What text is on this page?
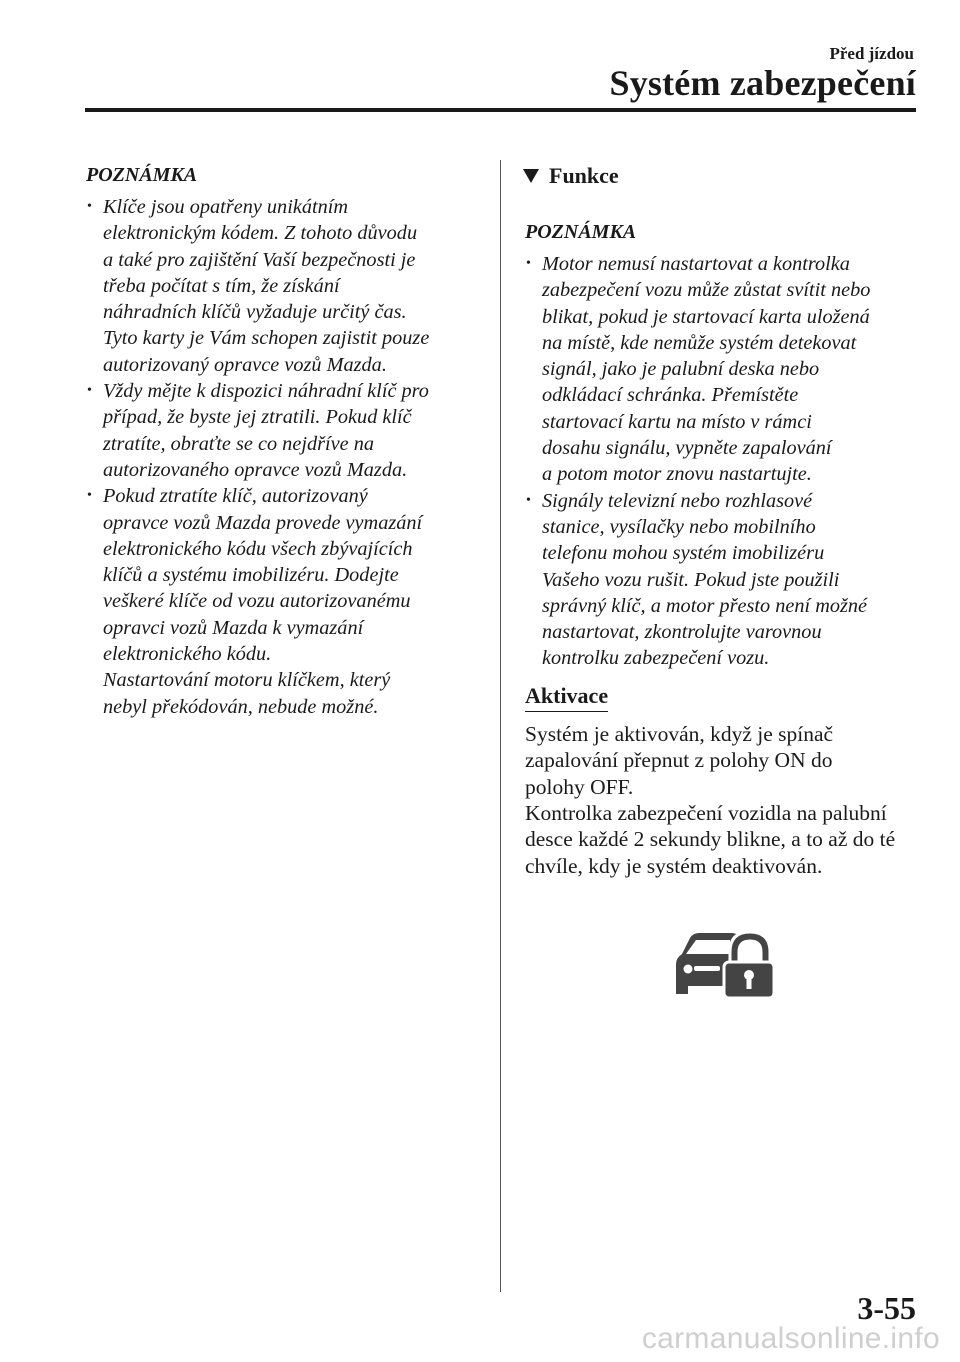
Před jízdou
Systém zabezpečení
POZNÁMKA
• Klíče jsou opatřeny unikátním
elektronickým kódem. Z tohoto důvodu
a také pro zajištění Vaší bezpečnosti je
třeba počítat s tím, že získání
náhradních klíčů vyžaduje určitý čas.
Tyto karty je Vám schopen zajistit pouze
autorizovaný opravce vozů Mazda.
• Vždy mějte k dispozici náhradní klíč pro
případ, že byste jej ztratili. Pokud klíč
ztratíte, obraťte se co nejdříve na
autorizovaného opravce vozů Mazda.
• Pokud ztratíte klíč, autorizovaný
opravce vozů Mazda provede vymazání
elektronického kódu všech zbývajících
klíčů a systému imobilizéru. Dodejte
veškeré klíče od vozu autorizovanému
opravci vozů Mazda k vymazání
elektronického kódu.
Nastartování motoru klíčkem, který
nebyl překódován, nebude možné.
Funkce
POZNÁMKA
• Motor nemusí nastartovat a kontrolka
zabezpečení vozu může zůstat svítit nebo
blikat, pokud je startovací karta uložená
na místě, kde nemůže systém detekovat
signál, jako je palubní deska nebo
odkládací schránka. Přemístěte
startovací kartu na místo v rámci
dosahu signálu, vypněte zapalování
a potom motor znovu nastartujte.
• Signály televizní nebo rozhlasové
stanice, vysílačky nebo mobilního
telefonu mohou systém imobilizéru
Vašeho vozu rušit. Pokud jste použili
správný klíč, a motor přesto není možné
nastartovat, zkontrolujte varovnou
kontrolku zabezpečení vozu.
Aktivace
Systém je aktivován, když je spínač
zapalování přepnut z polohy ON do
polohy OFF.
Kontrolka zabezpečení vozidla na palubní
desce každé 2 sekundy blikne, a to až do té
chvíle, kdy je systém deaktivován.
3-55
carmanualsonline.info
